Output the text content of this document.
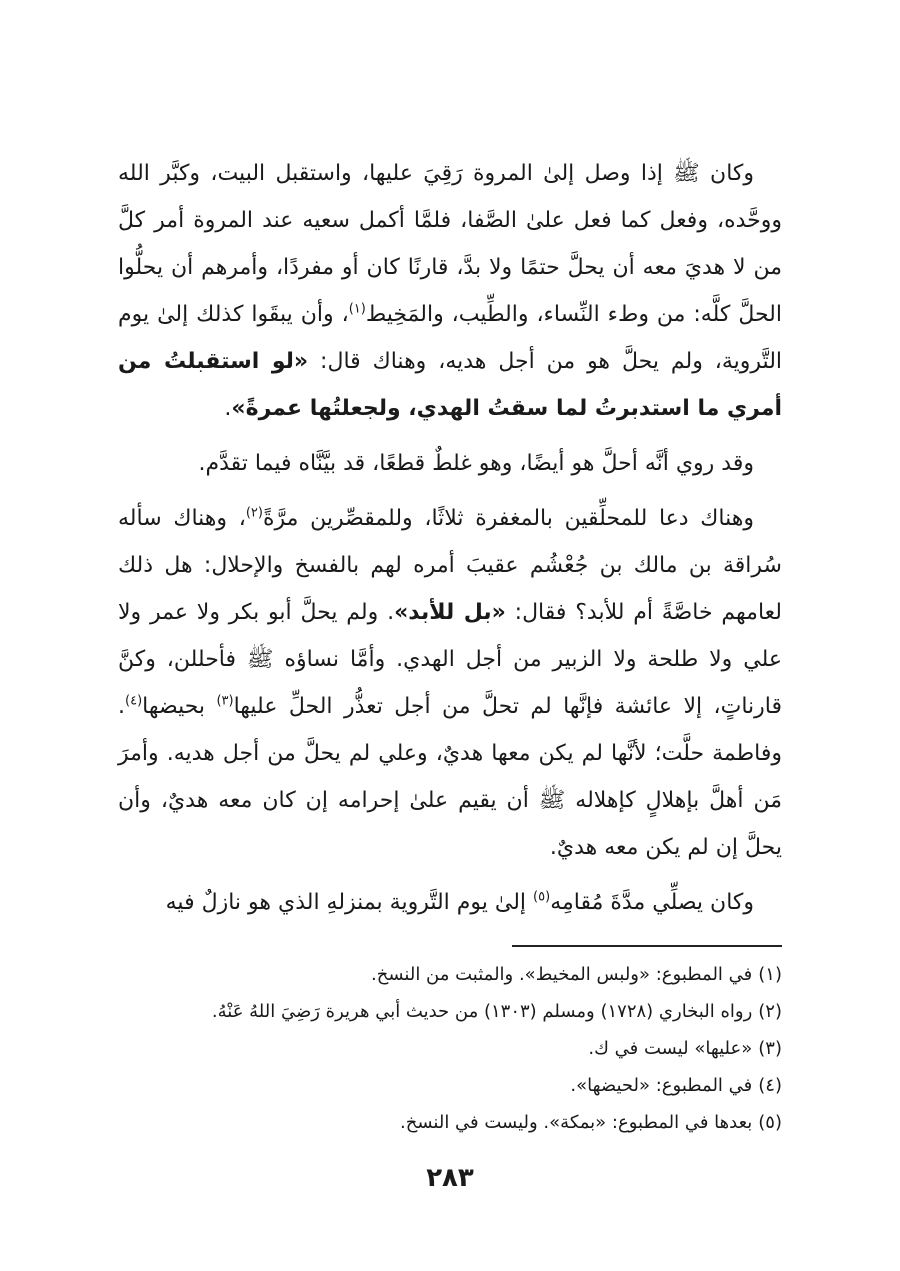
وكان ﷺ إذا وصل إلىٰ المروة رَقِيَ عليها، واستقبل البيت، وكبَّر الله ووحَّده، وفعل كما فعل علىٰ الصَّفا، فلمَّا أكمل سعيه عند المروة أمر كلَّ من لا هديَ معه أن يحلَّ حتمًا ولا بدَّ، قارنًا كان أو مفردًا، وأمرهم أن يحلُّوا الحلَّ كلَّه: من وطء النِّساء، والطِّيب، والمَخِيط$^{(١)}$، وأن يبقَوا كذلك إلىٰ يوم التَّروية، ولم يحلَّ هو من أجل هديه، وهناك قال: «لو استقبلتُ من أمري ما استدبرتُ لما سقتُ الهدي، ولجعلتُها عمرةً».

وقد روي أنَّه أحلَّ هو أيضًا، وهو غلطٌ قطعًا، قد بيَّنَّاه فيما تقدَّم.

وهناك دعا للمحلِّقين بالمغفرة ثلاثًا، وللمقصِّرين مرَّةً$^{(٢)}$، وهناك سأله سُراقة بن مالك بن جُعْشُم عقيبَ أمره لهم بالفسخ والإحلال: هل ذلك لعامهم خاصَّةً أم للأبد؟ فقال: «بل للأبد». ولم يحلَّ أبو بكر ولا عمر ولا علي ولا طلحة ولا الزبير من أجل الهدي. وأمَّا نساؤه ﷺ فأحللن، وكنَّ قارناتٍ، إلا عائشة فإنَّها لم تحلَّ من أجل تعذُّر الحلِّ عليها$^{(٣)}$ بحيضها$^{(٤)}$. وفاطمة حلَّت؛ لأنَّها لم يكن معها هديٌ، وعلي لم يحلَّ من أجل هديه. وأمرَ مَن أهلَّ بإهلالٍ كإهلاله ﷺ أن يقيم علىٰ إحرامه إن كان معه هديٌ، وأن يحلَّ إن لم يكن معه هديٌ.

وكان يصلِّي مدَّةَ مُقامِه$^{(٥)}$ إلىٰ يوم التَّروية بمنزلهِ الذي هو نازلٌ فيه

(١)
في المطبوع: «ولبس المخيط». والمثبت من النسخ.
(٢)
رواه البخاري (١٧٢٨) ومسلم (١٣٠٣) من حديث أبي هريرة رَضِيَ اللهُ عَنْهُ.
(٣)
«عليها» ليست في ك.
(٤)
في المطبوع: «لحيضها».
(٥)
بعدها في المطبوع: «بمكة». وليست في النسخ.
٢٨٣
